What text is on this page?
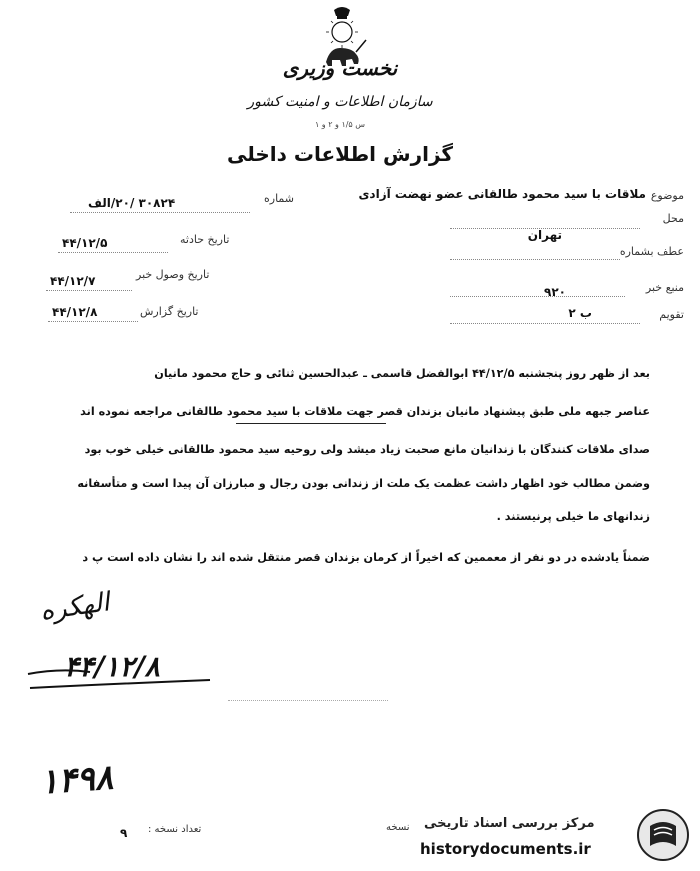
نخست وزیری
سازمان اطلاعات و امنیت کشور
س ۱/۵ و ۲ و ۱
گزارش اطلاعات داخلی
موضوع
ملاقات با سید محمود طالقانی عضو نهضت آزادی
محل
تهران
عطف بشماره
منبع خبر
۹۲۰
تقویم
ب ۲
شماره
۳۰۸۲۴ /۲۰/الف
تاریخ حادثه
۴۴/۱۲/۵
تاریخ وصول خبر
۴۴/۱۲/۷
تاریخ گزارش
۴۴/۱۲/۸
بعد از ظهر روز پنجشنبه ۴۴/۱۲/۵ ابوالفضل قاسمی ـ عبدالحسین ثنائی و حاج محمود مانیان
عناصر جبهه ملی طبق پیشنهاد مانیان بزندان قصر جهت ملاقات با سید محمود طالقانی مراجعه نموده اند
صدای ملاقات کنندگان با زندانیان مانع صحبت زیاد میشد ولی روحیه سید محمود طالقانی خیلی خوب بود
وضمن مطالب خود اظهار داشت عظمت یک ملت از زندانی بودن رجال و مبارزان آن پیدا است و متأسفانه
زندانهای ما خیلی پرنیستند .
ضمناً یادشده در دو نفر از معممین که اخیراً از کرمان بزندان قصر منتقل شده اند را نشان داده است پ د
الهکره
۴۴/۱۲/۸
۱۴۹۸
تعداد نسخه :
۹	نسخه مرکز بررسی اسناد تاریخی
historydocuments.ir
